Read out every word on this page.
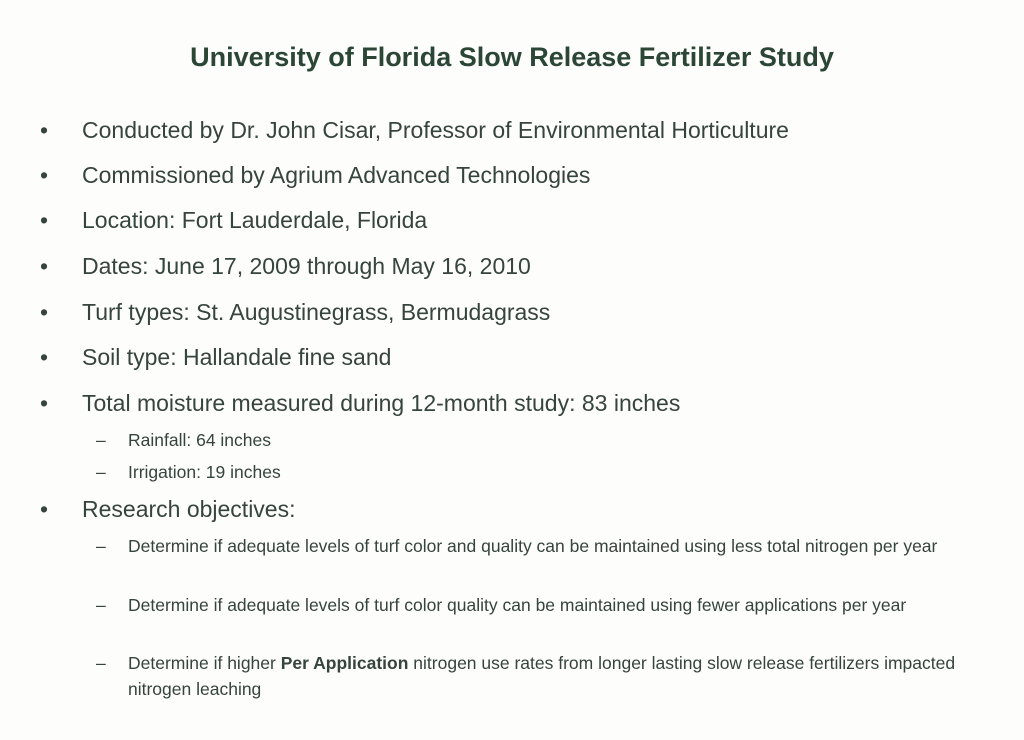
University of Florida Slow Release Fertilizer Study
• Conducted by Dr. John Cisar, Professor of Environmental Horticulture
• Commissioned by Agrium Advanced Technologies
• Location: Fort Lauderdale, Florida
• Dates: June 17, 2009 through May 16, 2010
• Turf types: St. Augustinegrass, Bermudagrass
• Soil type: Hallandale fine sand
• Total moisture measured during 12-month study: 83 inches
– Rainfall: 64 inches
– Irrigation: 19 inches
• Research objectives:
– Determine if adequate levels of turf color and quality can be maintained using less total nitrogen per year
– Determine if adequate levels of turf color quality can be maintained using fewer applications per year
– Determine if higher Per Application nitrogen use rates from longer lasting slow release fertilizers impacted nitrogen leaching
